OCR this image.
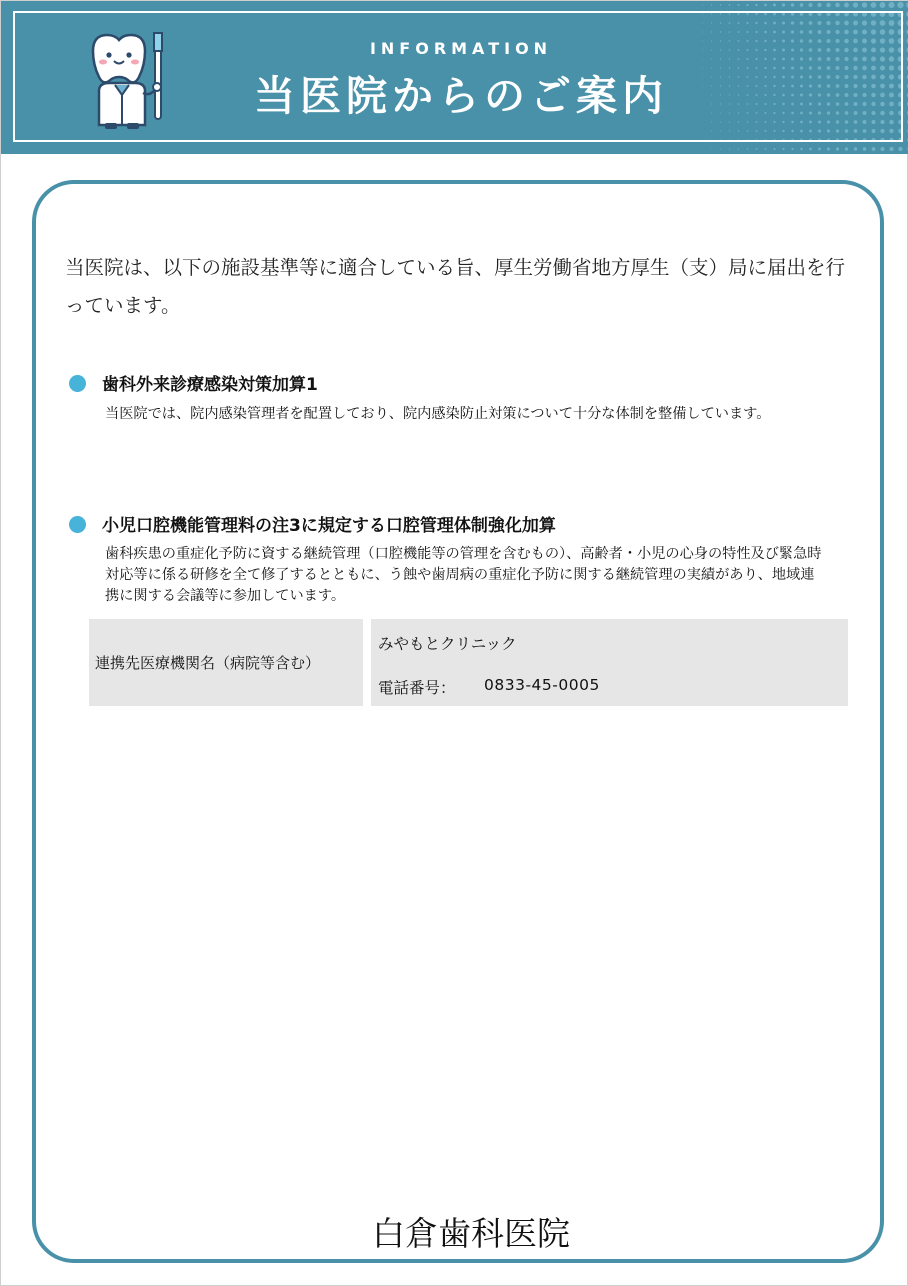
INFORMATION
当医院からのご案内
当医院は、以下の施設基準等に適合している旨、厚生労働省地方厚生（支）局に届出を行っています。
歯科外来診療感染対策加算1
当医院では、院内感染管理者を配置しており、院内感染防止対策について十分な体制を整備しています。
小児口腔機能管理料の注3に規定する口腔管理体制強化加算
歯科疾患の重症化予防に資する継続管理（口腔機能等の管理を含むもの）、高齢者・小児の心身の特性及び緊急時対応等に係る研修を全て修了するとともに、う蝕や歯周病の重症化予防に関する継続管理の実績があり、地域連携に関する会議等に参加しています。
連携先医療機関名（病院等含む）
みやもとクリニック
電話番号： 0833-45-0005
白倉歯科医院
